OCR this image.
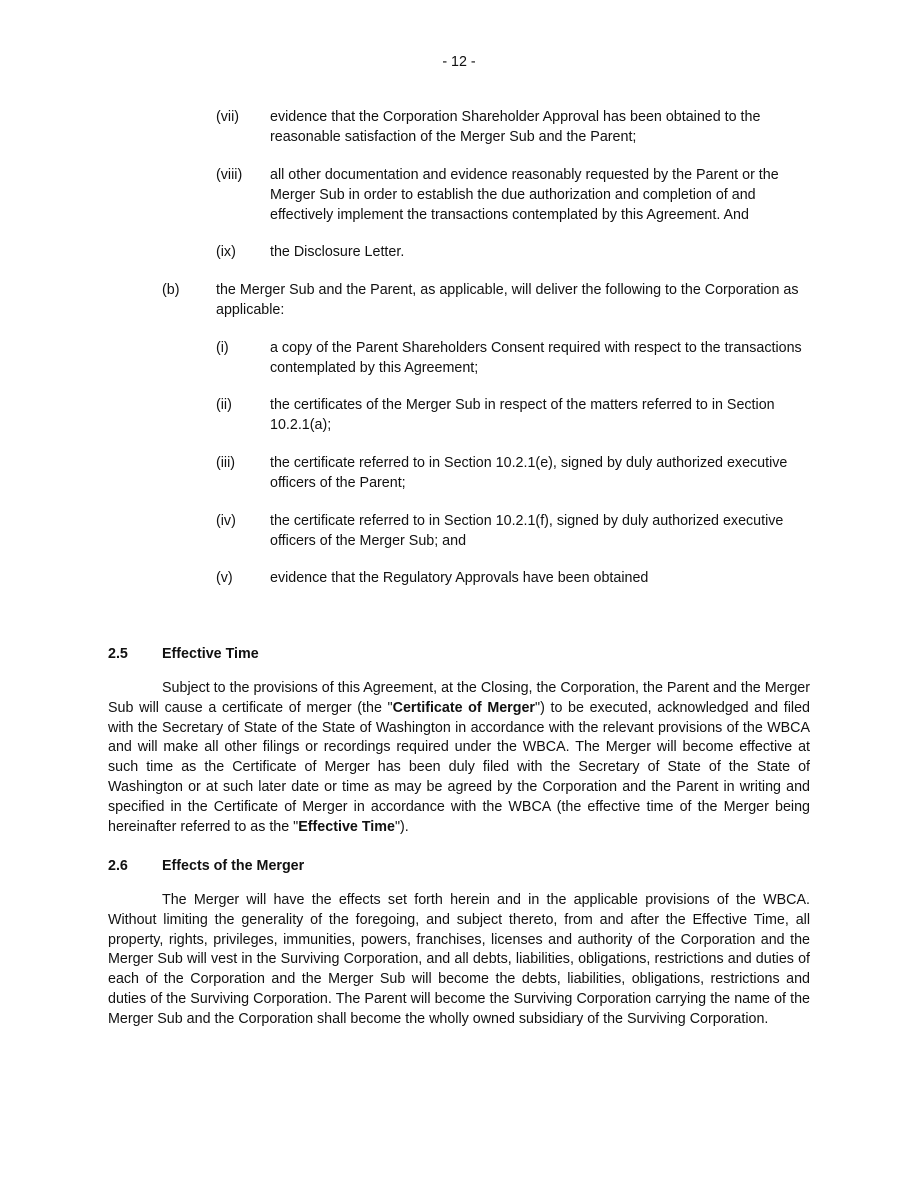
- 12 -
(vii) evidence that the Corporation Shareholder Approval has been obtained to the reasonable satisfaction of the Merger Sub and the Parent;
(viii) all other documentation and evidence reasonably requested by the Parent or the Merger Sub in order to establish the due authorization and completion of and effectively implement the transactions contemplated by this Agreement. And
(ix) the Disclosure Letter.
(b)	the Merger Sub and the Parent, as applicable, will deliver the following to the Corporation as applicable:
(i)	a copy of the Parent Shareholders Consent required with respect to the transactions contemplated by this Agreement;
(ii)	the certificates of the Merger Sub in respect of the matters referred to in Section 10.2.1(a);
(iii) the certificate referred to in Section 10.2.1(e), signed by duly authorized executive officers of the Parent;
(iv) the certificate referred to in Section 10.2.1(f), signed by duly authorized executive officers of the Merger Sub; and
(v)	evidence that the Regulatory Approvals have been obtained
2.5 Effective Time
Subject to the provisions of this Agreement, at the Closing, the Corporation, the Parent and the Merger Sub will cause a certificate of merger (the "Certificate of Merger") to be executed, acknowledged and filed with the Secretary of State of the State of Washington in accordance with the relevant provisions of the WBCA and will make all other filings or recordings required under the WBCA. The Merger will become effective at such time as the Certificate of Merger has been duly filed with the Secretary of State of the State of Washington or at such later date or time as may be agreed by the Corporation and the Parent in writing and specified in the Certificate of Merger in accordance with the WBCA (the effective time of the Merger being hereinafter referred to as the "Effective Time").
2.6 Effects of the Merger
The Merger will have the effects set forth herein and in the applicable provisions of the WBCA. Without limiting the generality of the foregoing, and subject thereto, from and after the Effective Time, all property, rights, privileges, immunities, powers, franchises, licenses and authority of the Corporation and the Merger Sub will vest in the Surviving Corporation, and all debts, liabilities, obligations, restrictions and duties of each of the Corporation and the Merger Sub will become the debts, liabilities, obligations, restrictions and duties of the Surviving Corporation. The Parent will become the Surviving Corporation carrying the name of the Merger Sub and the Corporation shall become the wholly owned subsidiary of the Surviving Corporation.
